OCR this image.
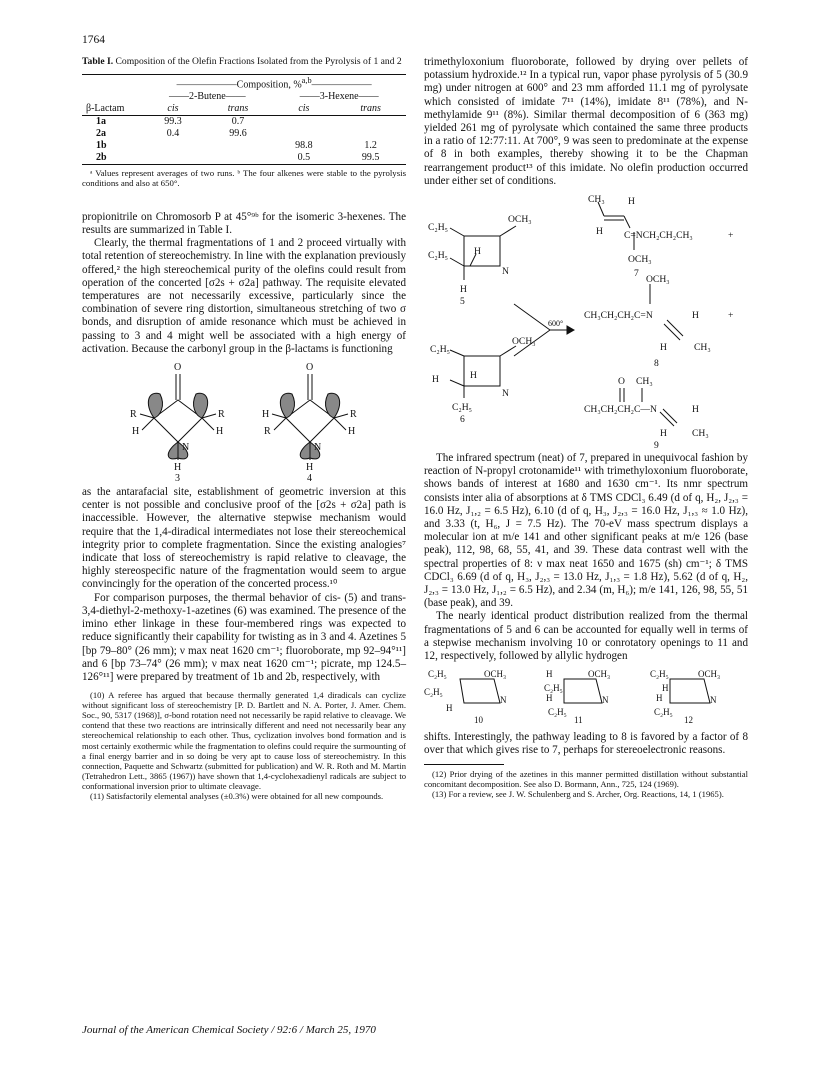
1764

Table I. Composition of the Olefin Fractions Isolated from the Pyrolysis of 1 and 2

	——————Composition, %$^{a,b}$——————			
	——2-Butene——		——3-Hexene——	
β-Lactam	cis	trans	cis	trans
1a	99.3	0.7		
2a	0.4	99.6		
1b			98.8	1.2
2b			0.5	99.5

ᵃ Values represent averages of two runs. ᵇ The four alkenes were stable to the pyrolysis conditions and also at 650°.

propionitrile on Chromosorb P at 45°⁹ᵇ for the isomeric 3-hexenes. The results are summarized in Table I.

Clearly, the thermal fragmentations of 1 and 2 proceed virtually with total retention of stereochemistry. In line with the explanation previously offered,² the high stereochemical purity of the olefins could result from operation of the concerted [σ2s + σ2a] pathway. The requisite elevated temperatures are not necessarily excessive, particularly since the combination of severe ring distortion, simultaneous stretching of two σ bonds, and disruption of amide resonance which must be achieved in passing to 3 and 4 might well be associated with a high energy of activation. Because the carbonyl group in the β-lactams is functioning

O
R
H
R
H
N
H
3
O
H
R
R
H
N
H
4

as the antarafacial site, establishment of geometric inversion at this center is not possible and conclusive proof of the [σ2s + σ2a] path is inaccessible. However, the alternative stepwise mechanism would require that the 1,4-diradical intermediates not lose their stereochemical integrity prior to complete fragmentation. Since the existing analogies⁷ indicate that loss of stereochemistry is rapid relative to cleavage, the highly stereospecific nature of the fragmentation would seem to argue convincingly for the operation of the concerted process.¹⁰

For comparison purposes, the thermal behavior of cis- (5) and trans-3,4-diethyl-2-methoxy-1-azetines (6) was examined. The presence of the imino ether linkage in these four-membered rings was expected to reduce significantly their capability for twisting as in 3 and 4. Azetines 5 [bp 79–80° (26 mm); ν max neat 1620 cm⁻¹; fluoroborate, mp 92–94°¹¹] and 6 [bp 73–74° (26 mm); ν max neat 1620 cm⁻¹; picrate, mp 124.5–126°¹¹] were prepared by treatment of 1b and 2b, respectively, with

(10) A referee has argued that because thermally generated 1,4 diradicals can cyclize without significant loss of stereochemistry [P. D. Bartlett and N. A. Porter, J. Amer. Chem. Soc., 90, 5317 (1968)], σ-bond rotation need not necessarily be rapid relative to cleavage. We contend that these two reactions are intrinsically different and need not necessarily bear any stereochemical relationship to each other. Thus, cyclization involves bond formation and is most certainly exothermic while the fragmentation to olefins could require the surmounting of a final energy barrier and in so doing be very apt to cause loss of stereochemistry. In this connection, Paquette and Schwartz (submitted for publication) and W. R. Roth and M. Martin (Tetrahedron Lett., 3865 (1967)) have shown that 1,4-cyclohexadienyl radicals are subject to conformational inversion prior to ultimate cleavage.

(11) Satisfactorily elemental analyses (±0.3%) were obtained for all new compounds.

trimethyloxonium fluoroborate, followed by drying over pellets of potassium hydroxide.¹² In a typical run, vapor phase pyrolysis of 5 (30.9 mg) under nitrogen at 600° and 23 mm afforded 11.1 mg of pyrolysate which consisted of imidate 7¹¹ (14%), imidate 8¹¹ (78%), and N-methylamide 9¹¹ (8%). Similar thermal decomposition of 6 (363 mg) yielded 261 mg of pyrolysate which contained the same three products in a ratio of 12:77:11. At 700°, 9 was seen to predominate at the expense of 8 in both examples, thereby showing it to be the Chapman rearrangement product¹³ of this imidate. No olefin production occurred under either set of conditions.

C₂H₅
OCH₃
C₂H₅	H
N
H
5
C₂H₅
OCH₃
H	H
N
C₂H₅
6
600°
CH₃ H
H C=NCH₂CH₂CH₃	+
OCH₃
7
OCH₃
CH₃CH₂CH₂C=N	H	+
H	CH₃
8
O CH₃
CH₃CH₂CH₂C—N	H
H	CH₃
9

The infrared spectrum (neat) of 7, prepared in unequivocal fashion by reaction of N-propyl crotonamide¹¹ with trimethyloxonium fluoroborate, shows bands of interest at 1680 and 1630 cm⁻¹. Its nmr spectrum consists inter alia of absorptions at δ TMS CDCl₃ 6.49 (d of q, H₂, J₂,₃ = 16.0 Hz, J₁,₂ = 6.5 Hz), 6.10 (d of q, H₃, J₂,₃ = 16.0 Hz, J₁,₃ ≈ 1.0 Hz), and 3.33 (t, H₆, J = 7.5 Hz). The 70-eV mass spectrum displays a molecular ion at m/e 141 and other significant peaks at m/e 126 (base peak), 112, 98, 68, 55, 41, and 39. These data contrast well with the spectral properties of 8: ν max neat 1650 and 1675 (sh) cm⁻¹; δ TMS CDCl₃ 6.69 (d of q, H₃, J₂,₃ = 13.0 Hz, J₁,₃ = 1.8 Hz), 5.62 (d of q, H₂, J₂,₃ = 13.0 Hz, J₁,₂ = 6.5 Hz), and 2.34 (m, H₆); m/e 141, 126, 98, 55, 51 (base peak), and 39.

The nearly identical product distribution realized from the thermal fragmentations of 5 and 6 can be accounted for equally well in terms of a stepwise mechanism involving 10 or conrotatory openings to 11 and 12, respectively, followed by allylic hydrogen

C₂H₅	OCH₃
C₂H₅
H
N
10
H	OCH₃
C₂H₅
H	N
C₂H₅
11
C₂H₅	OCH₃
H
H	N
C₂H₅
12

shifts. Interestingly, the pathway leading to 8 is favored by a factor of 8 over that which gives rise to 7, perhaps for stereoelectronic reasons.

(12) Prior drying of the azetines in this manner permitted distillation without substantial concomitant decomposition. See also D. Bormann, Ann., 725, 124 (1969).

(13) For a review, see J. W. Schulenberg and S. Archer, Org. Reactions, 14, 1 (1965).

Journal of the American Chemical Society / 92:6 / March 25, 1970
